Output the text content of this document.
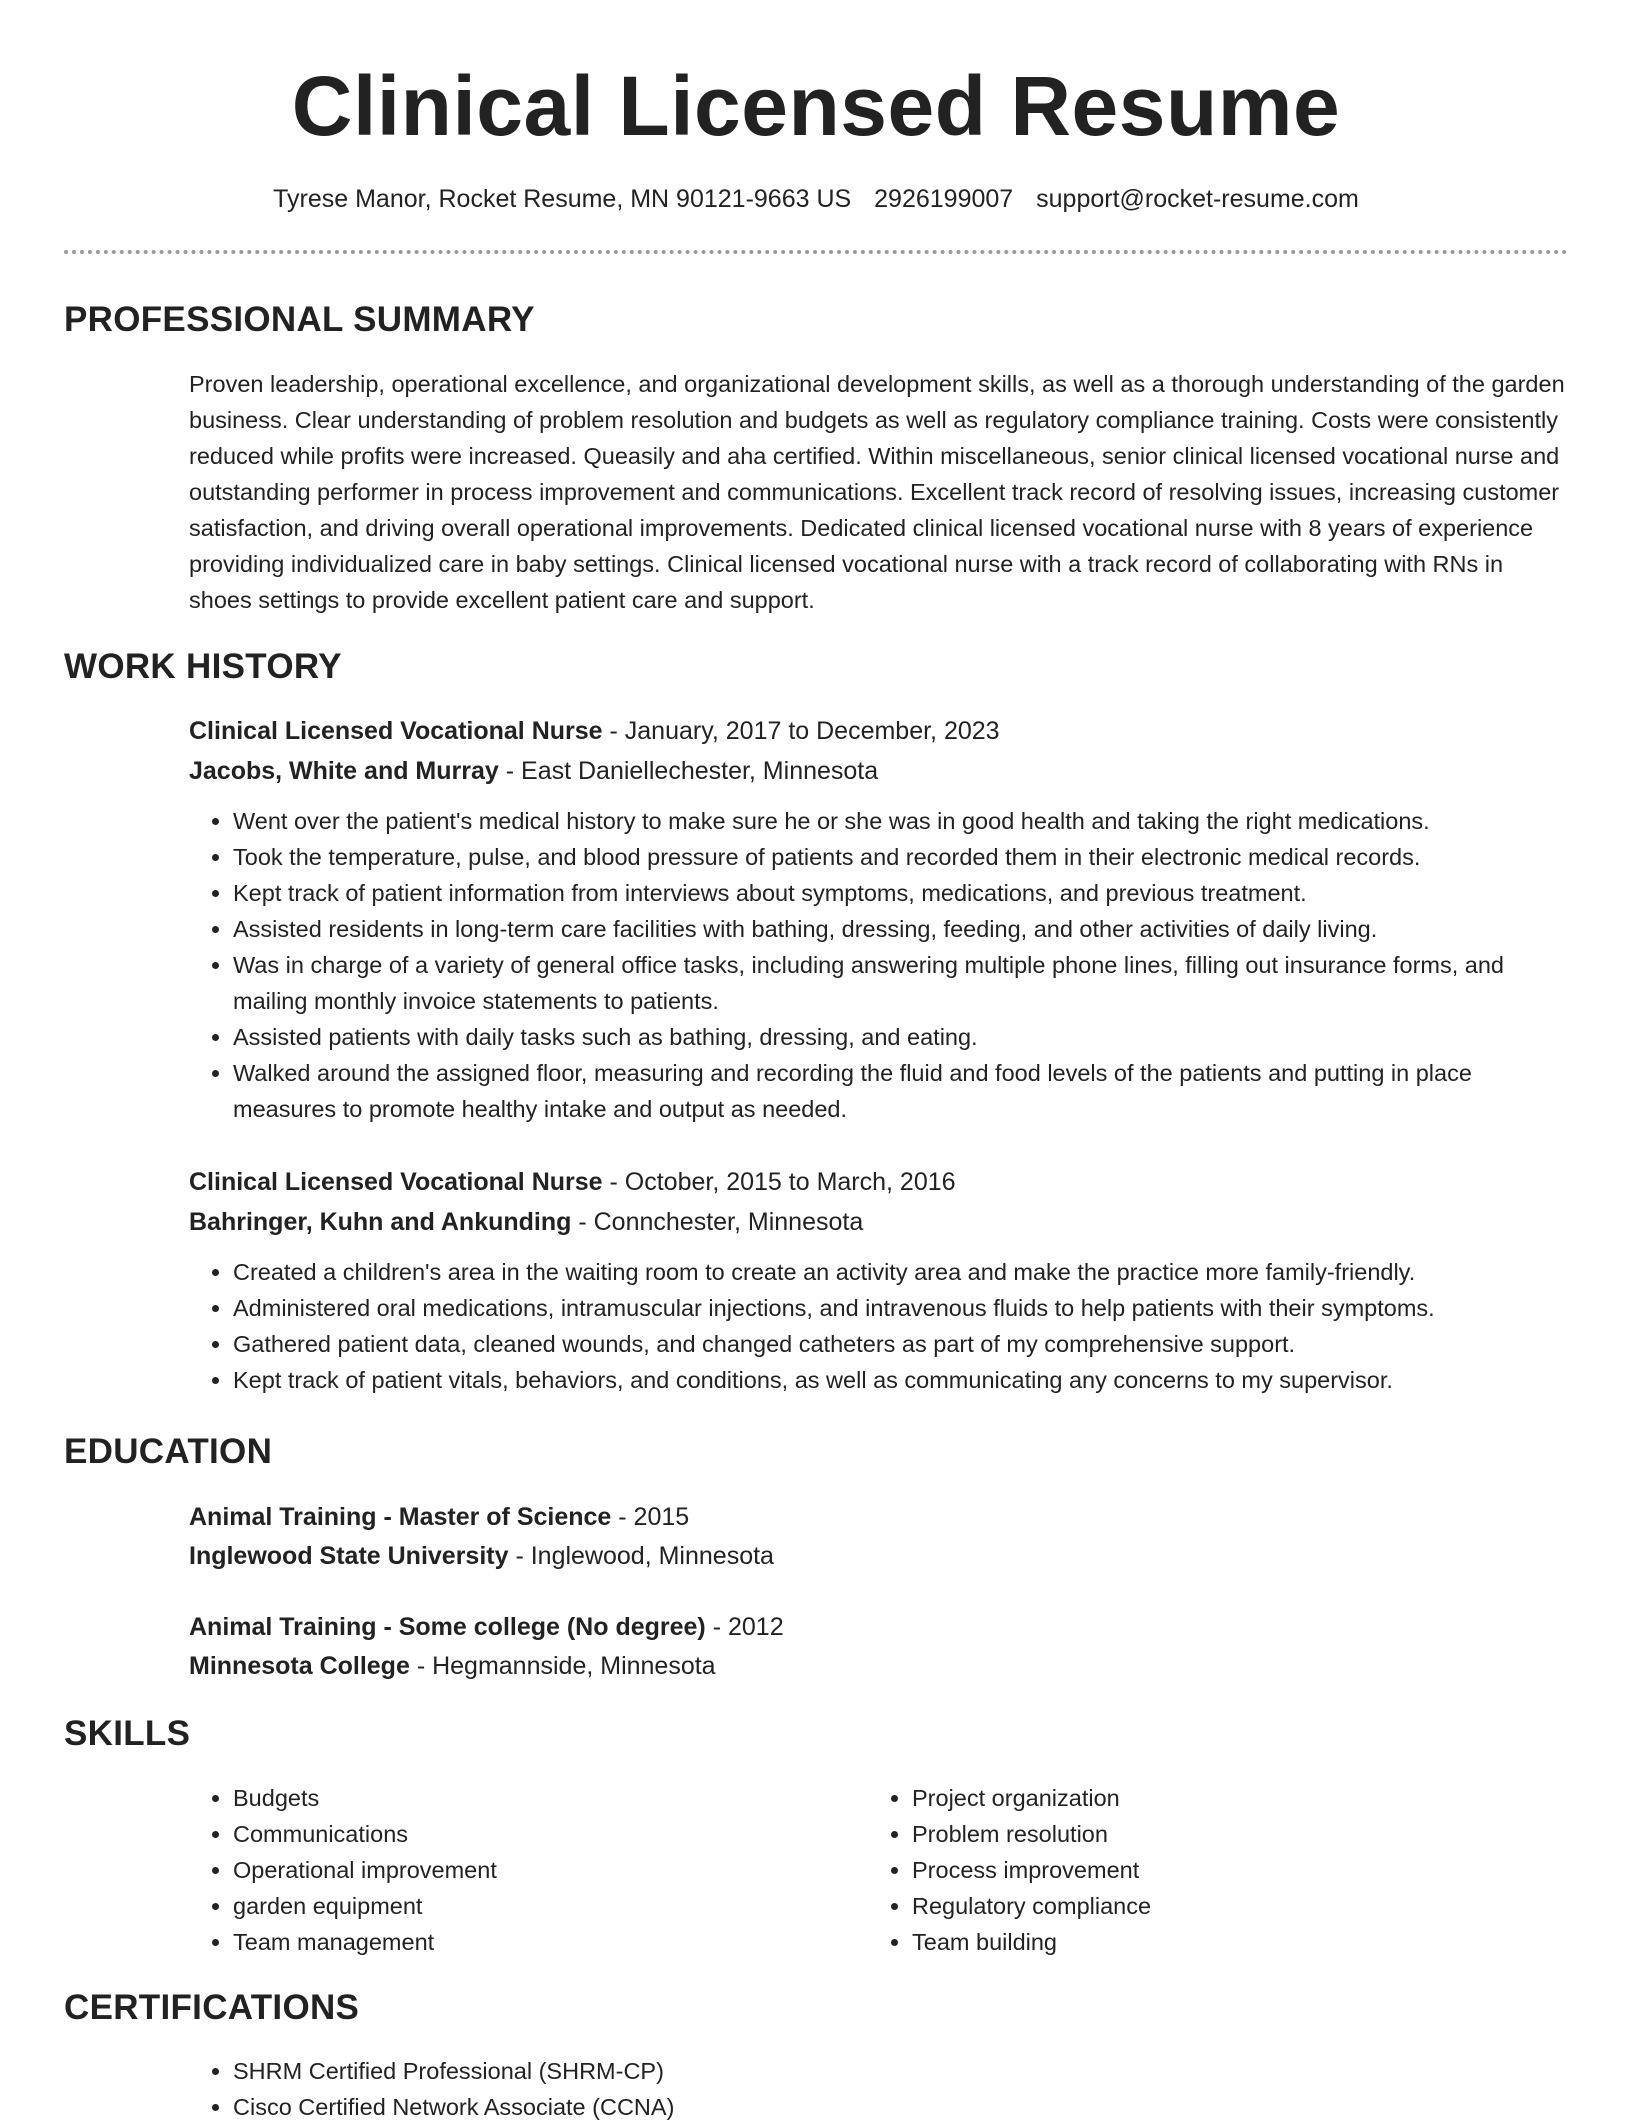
Clinical Licensed Resume
Tyrese Manor, Rocket Resume, MN 90121-9663 US 2926199007 support@rocket-resume.com
PROFESSIONAL SUMMARY
Proven leadership, operational excellence, and organizational development skills, as well as a thorough understanding of the garden business. Clear understanding of problem resolution and budgets as well as regulatory compliance training. Costs were consistently reduced while profits were increased. Queasily and aha certified. Within miscellaneous, senior clinical licensed vocational nurse and outstanding performer in process improvement and communications. Excellent track record of resolving issues, increasing customer satisfaction, and driving overall operational improvements. Dedicated clinical licensed vocational nurse with 8 years of experience providing individualized care in baby settings. Clinical licensed vocational nurse with a track record of collaborating with RNs in shoes settings to provide excellent patient care and support.
WORK HISTORY
Clinical Licensed Vocational Nurse - January, 2017 to December, 2023
Jacobs, White and Murray - East Daniellechester, Minnesota
• Went over the patient's medical history to make sure he or she was in good health and taking the right medications.
• Took the temperature, pulse, and blood pressure of patients and recorded them in their electronic medical records.
• Kept track of patient information from interviews about symptoms, medications, and previous treatment.
• Assisted residents in long-term care facilities with bathing, dressing, feeding, and other activities of daily living.
• Was in charge of a variety of general office tasks, including answering multiple phone lines, filling out insurance forms, and mailing monthly invoice statements to patients.
• Assisted patients with daily tasks such as bathing, dressing, and eating.
• Walked around the assigned floor, measuring and recording the fluid and food levels of the patients and putting in place measures to promote healthy intake and output as needed.
Clinical Licensed Vocational Nurse - October, 2015 to March, 2016
Bahringer, Kuhn and Ankunding - Connchester, Minnesota
• Created a children's area in the waiting room to create an activity area and make the practice more family-friendly.
• Administered oral medications, intramuscular injections, and intravenous fluids to help patients with their symptoms.
• Gathered patient data, cleaned wounds, and changed catheters as part of my comprehensive support.
• Kept track of patient vitals, behaviors, and conditions, as well as communicating any concerns to my supervisor.
EDUCATION
Animal Training - Master of Science - 2015
Inglewood State University - Inglewood, Minnesota
Animal Training - Some college (No degree) - 2012
Minnesota College - Hegmannside, Minnesota
SKILLS
• Budgets
• Communications
• Operational improvement
• garden equipment
• Team management
• Project organization
• Problem resolution
• Process improvement
• Regulatory compliance
• Team building
CERTIFICATIONS
• SHRM Certified Professional (SHRM-CP)
• Cisco Certified Network Associate (CCNA)
